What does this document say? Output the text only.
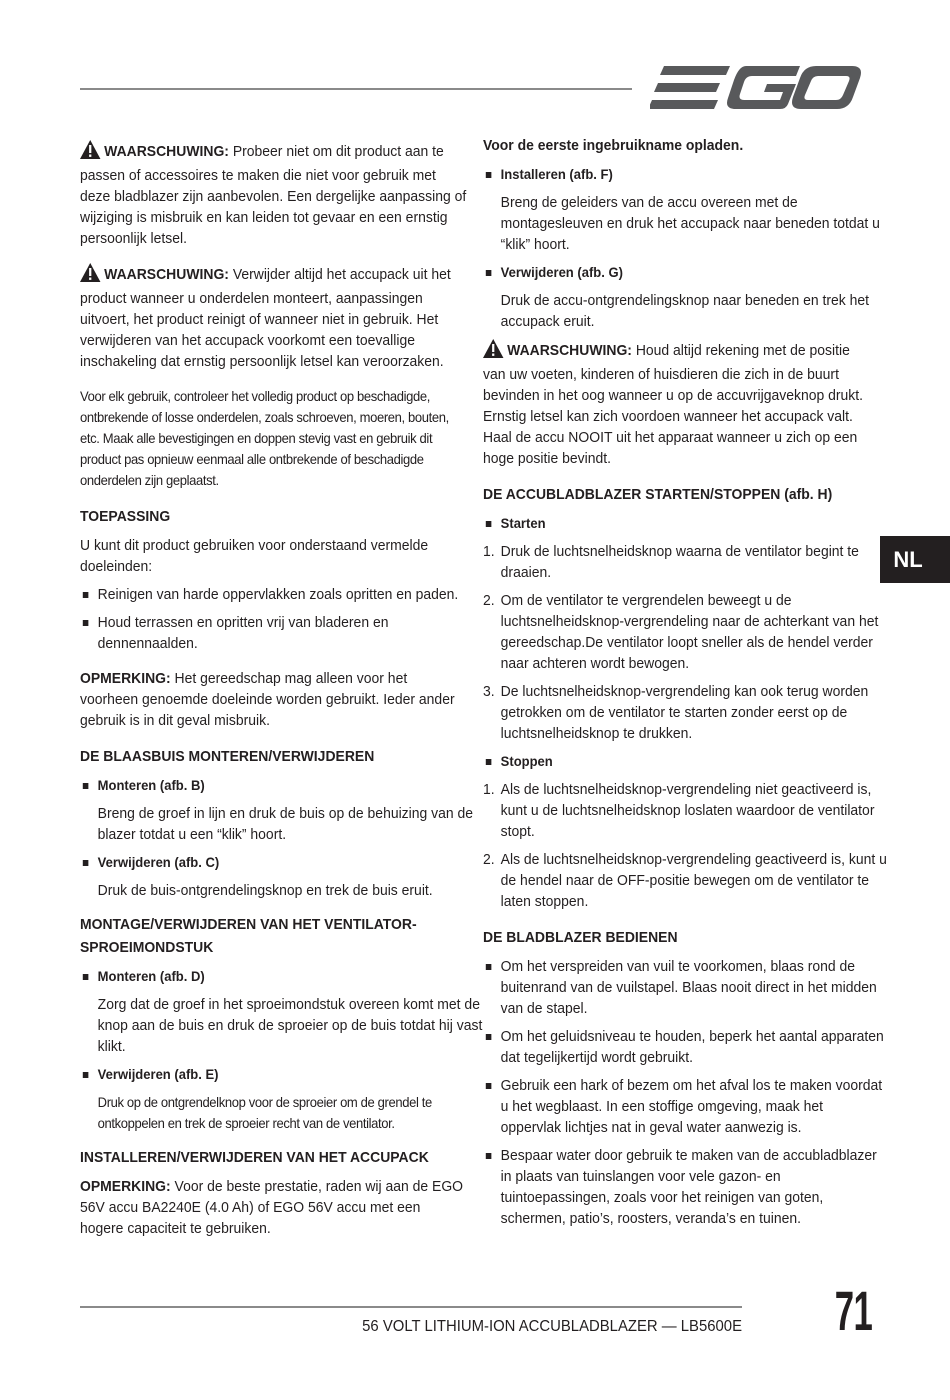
WAARSCHUWING: Probeer niet om dit product aan te passen of accessoires te maken die niet voor gebruik met deze bladblazer zijn aanbevolen. Een dergelijke aanpassing of wijziging is misbruik en kan leiden tot gevaar en een ernstig persoonlijk letsel.

WAARSCHUWING: Verwijder altijd het accupack uit het product wanneer u onderdelen monteert, aanpassingen uitvoert, het product reinigt of wanneer niet in gebruik. Het verwijderen van het accupack voorkomt een toevallige inschakeling dat ernstig persoonlijk letsel kan veroorzaken.

Voor elk gebruik, controleer het volledig product op beschadigde, ontbrekende of losse onderdelen, zoals schroeven, moeren, bouten, etc. Maak alle bevestigingen en doppen stevig vast en gebruik dit product pas opnieuw eenmaal alle ontbrekende of beschadigde onderdelen zijn geplaatst.

TOEPASSING

U kunt dit product gebruiken voor onderstaand vermelde doeleinden:

Reinigen van harde oppervlakken zoals opritten en paden.
Houd terrassen en opritten vrij van bladeren en dennennaalden.

OPMERKING: Het gereedschap mag alleen voor het voorheen genoemde doeleinde worden gebruikt. Ieder ander gebruik is in dit geval misbruik.

DE BLAASBUIS MONTEREN/VERWIJDEREN
Monteren (afb. B)

Breng de groef in lijn en druk de buis op de behuizing van de blazer totdat u een “klik” hoort.

Verwijderen (afb. C)

Druk de buis-ontgrendelingsknop en trek de buis eruit.

MONTAGE/VERWIJDEREN VAN HET VENTILATOR-SPROEIMONDSTUK
Monteren (afb. D)

Zorg dat de groef in het sproeimondstuk overeen komt met de knop aan de buis en druk de sproeier op de buis totdat hij vast klikt.

Verwijderen (afb. E)

Druk op de ontgrendelknop voor de sproeier om de grendel te ontkoppelen en trek de sproeier recht van de ventilator.

INSTALLEREN/VERWIJDEREN VAN HET ACCUPACK

OPMERKING: Voor de beste prestatie, raden wij aan de EGO 56V accu BA2240E (4.0 Ah) of EGO 56V accu met een hogere capaciteit te gebruiken.

Voor de eerste ingebruikname opladen.
Installeren (afb. F)

Breng de geleiders van de accu overeen met de montagesleuven en druk het accupack naar beneden totdat u “klik” hoort.

Verwijderen (afb. G)

Druk de accu-ontgrendelingsknop naar beneden en trek het accupack eruit.

WAARSCHUWING: Houd altijd rekening met de positie van uw voeten, kinderen of huisdieren die zich in de buurt bevinden in het oog wanneer u op de accuvrijgaveknop drukt. Ernstig letsel kan zich voordoen wanneer het accupack valt. Haal de accu NOOIT uit het apparaat wanneer u zich op een hoge positie bevindt.

DE ACCUBLADBLAZER STARTEN/STOPPEN (afb. H)
Starten
1. Druk de luchtsnelheidsknop waarna de ventilator begint te draaien.
2. Om de ventilator te vergrendelen beweegt u de luchtsnelheidsknop-vergrendeling naar de achterkant van het gereedschap.De ventilator loopt sneller als de hendel verder naar achteren wordt bewogen.
3. De luchtsnelheidsknop-vergrendeling kan ook terug worden getrokken om de ventilator te starten zonder eerst op de luchtsnelheidsknop te drukken.
Stoppen
1. Als de luchtsnelheidsknop-vergrendeling niet geactiveerd is, kunt u de luchtsnelheidsknop loslaten waardoor de ventilator stopt.
2. Als de luchtsnelheidsknop-vergrendeling geactiveerd is, kunt u de hendel naar de OFF-positie bewegen om de ventilator te laten stoppen.
DE BLADBLAZER BEDIENEN
Om het verspreiden van vuil te voorkomen, blaas rond de buitenrand van de vuilstapel. Blaas nooit direct in het midden van de stapel.
Om het geluidsniveau te houden, beperk het aantal apparaten dat tegelijkertijd wordt gebruikt.
Gebruik een hark of bezem om het afval los te maken voordat u het wegblaast. In een stoffige omgeving, maak het oppervlak lichtjes nat in geval water aanwezig is.
Bespaar water door gebruik te maken van de accubladblazer in plaats van tuinslangen voor vele gazon- en tuintoepassingen, zoals voor het reinigen van goten, schermen, patio’s, roosters, veranda’s en tuinen.
NL
56 VOLT LITHIUM-ION ACCUBLADBLAZER — LB5600E 71
